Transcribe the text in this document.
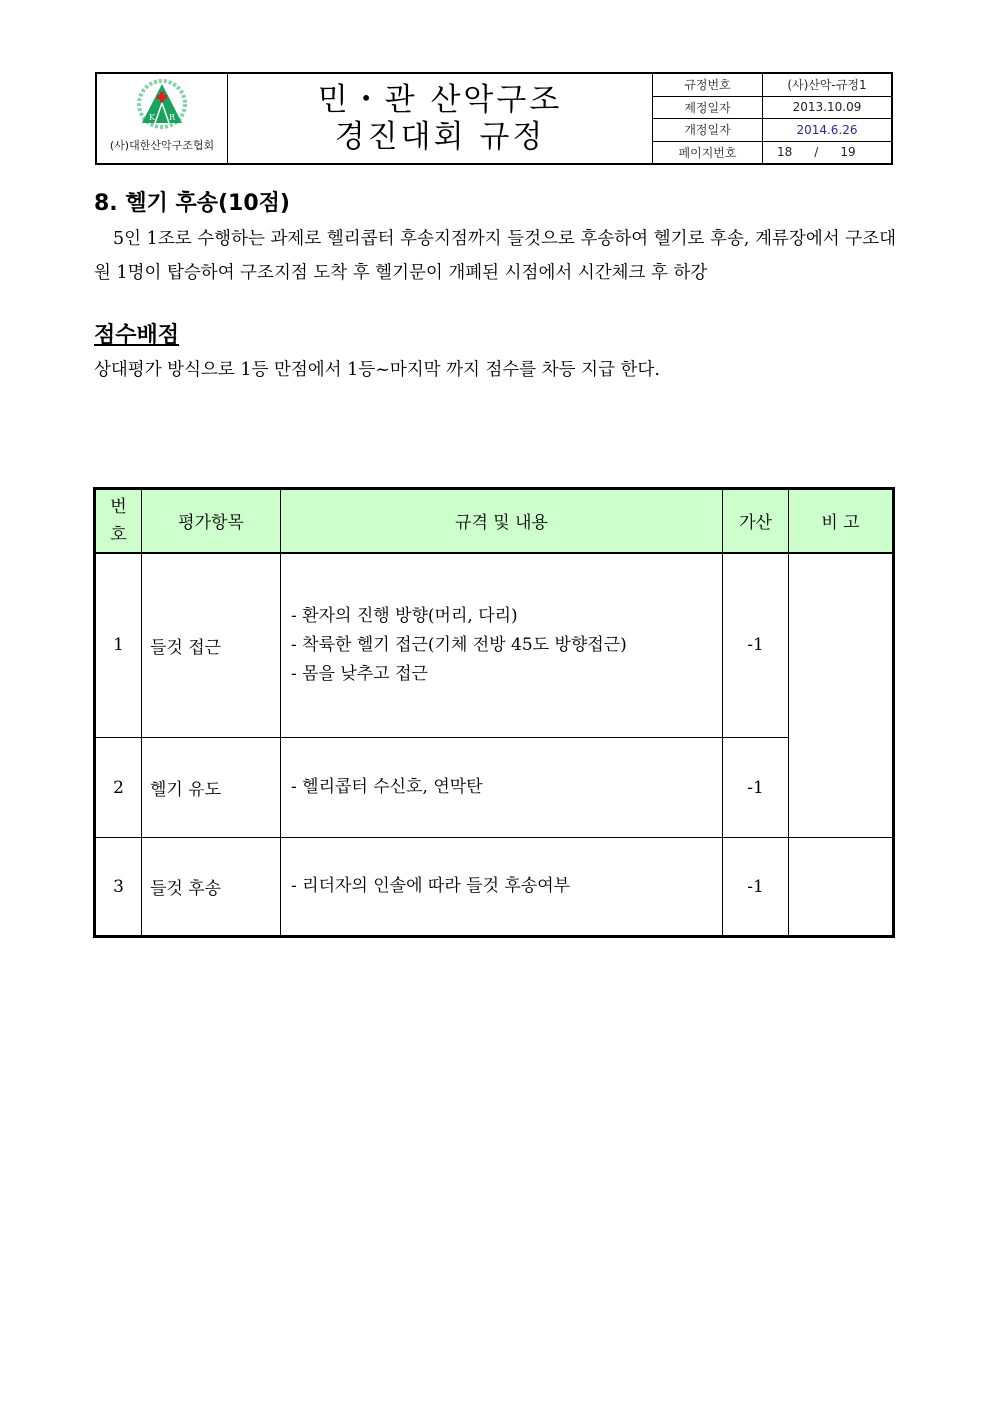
K R
(사)대한산악구조협회
민・관 산악구조
경진대회 규정
규정번호	(사)산악-규정1
제정일자	2013.10.09
개정일자	2014.6.26
페이지번호	18 / 19
8. 헬기 후송(10점)
5인 1조로 수행하는 과제로 헬리콥터 후송지점까지 들것으로 후송하여 헬기로 후송, 계류장에서 구조대원 1명이 탑승하여 구조지점 도착 후 헬기문이 개폐된 시점에서 시간체크 후 하강
점수배점
상대평가 방식으로 1등 만점에서 1등~마지막 까지 점수를 차등 지급 한다.
번
호	평가항목	규격 및 내용	가산	비 고
1	들것 접근	- 환자의 진행 방향(머리, 다리)
- 착륙한 헬기 접근(기체 전방 45도 방향접근)
- 몸을 낮추고 접근	-1	
2	헬기 유도	- 헬리콥터 수신호, 연막탄	-1	
3	들것 후송	- 리더자의 인솔에 따라 들것 후송여부	-1	
